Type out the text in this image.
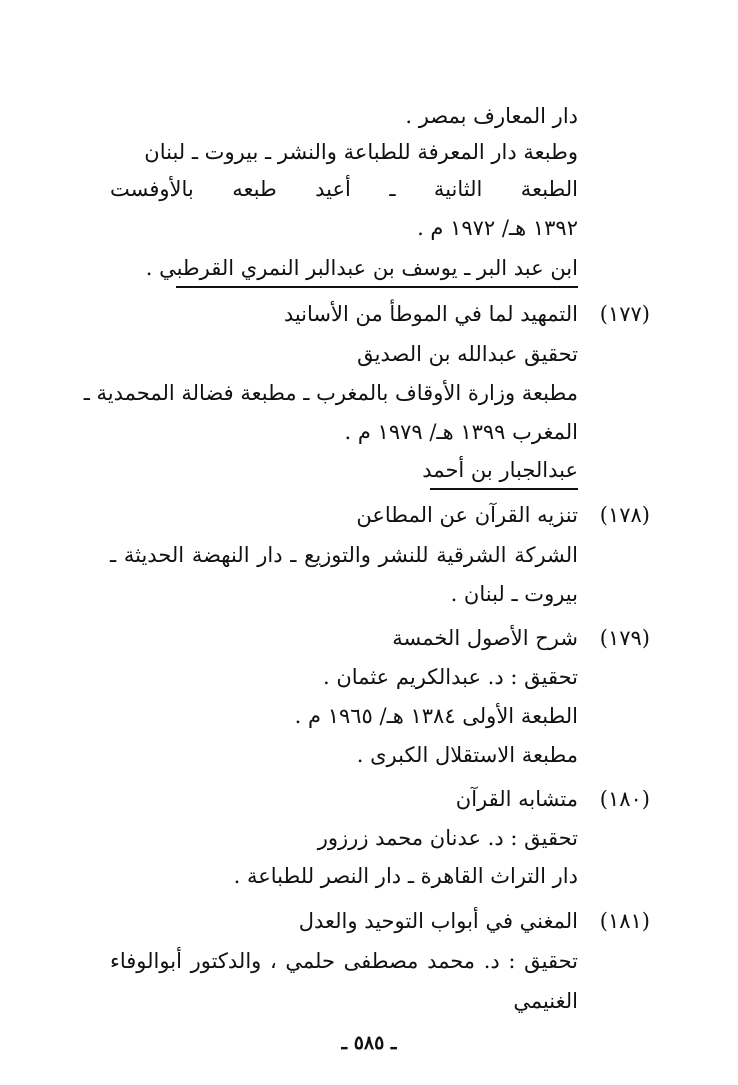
دار المعارف بمصر .
وطبعة دار المعرفة للطباعة والنشر ـ بيروت ـ لبنان
الطبعة الثانية ـ أعيد طبعه بالأوفست
١٣٩٢ هـ/ ١٩٧٢ م .
ابن عبد البر ـ يوسف بن عبدالبر النمري القرطبي .
(١٧٧)
التمهيد لما في الموطأ من الأسانيد
تحقيق عبدالله بن الصديق
مطبعة وزارة الأوقاف بالمغرب ـ مطبعة فضالة المحمدية ـ
المغرب ١٣٩٩ هـ/ ١٩٧٩ م .
عبدالجبار بن أحمد
(١٧٨)
تنزيه القرآن عن المطاعن
الشركة الشرقية للنشر والتوزيع ـ دار النهضة الحديثة ـ
بيروت ـ لبنان .
(١٧٩)
شرح الأصول الخمسة
تحقيق : د. عبدالكريم عثمان .
الطبعة الأولى ١٣٨٤ هـ/ ١٩٦٥ م .
مطبعة الاستقلال الكبرى .
(١٨٠)
متشابه القرآن
تحقيق : د. عدنان محمد زرزور
دار التراث القاهرة ـ دار النصر للطباعة .
(١٨١)
المغني في أبواب التوحيد والعدل
تحقيق : د. محمد مصطفى حلمي ، والدكتور أبوالوفاء
الغنيمي
ـ ٥٨٥ ـ
